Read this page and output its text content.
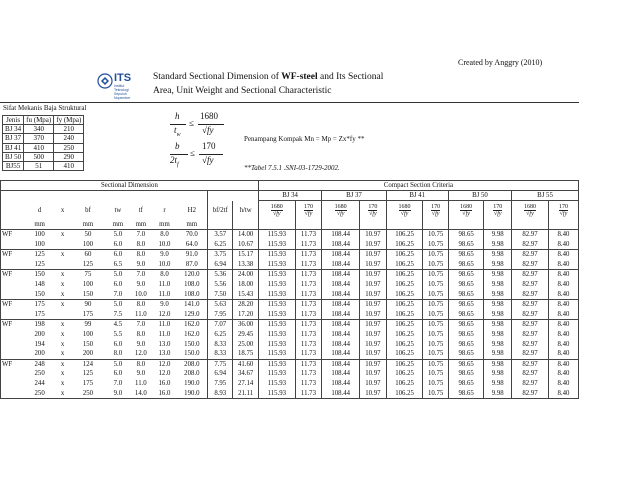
Created by Anggry (2010)
ITS
Institut
Teknologi
Sepuluh Nopember
Standard Sectional Dimension of WF-steel and Its Sectional
Area, Unit Weight and Sectional Characteristic
Sifat Mekanis Baja Struktural
Jenis	fu (Mpa)	fy (Mpa)
BJ 34	340	210
BJ 37	370	240
BJ 41	410	250
BJ 50	500	290
BJ55	51	410
h
$t_w$
≤
1680
√fy
b
$2t_f$
≤
170
√fy
Penampang Kompak Mn = Mp = Zx*fy **
**Tabel 7.5.1 .SNI-03-1729-2002.
Sectional Dimension										Compact Section Criteria									
										BJ 34		BJ 37		BJ 41		BJ 50		BJ 55	
	d	x	bf	tw	tf	r	H2	bf/2tf	h/tw	$\frac{1680}{√fy}$	$\frac{170}{√fy}$	$\frac{1680}{√fy}$	$\frac{170}{√fy}$	$\frac{1680}{√fy}$	$\frac{170}{√fy}$	$\frac{1680}{√fy}$	$\frac{170}{√fy}$	$\frac{1680}{√fy}$	$\frac{170}{√fy}$

	mm		mm	mm	mm	mm	mm												
WF	100	x	50	5.0	7.0	8.0	70.0	3.57	14.00	115.93	11.73	108.44	10.97	106.25	10.75	98.65	9.98	82.97	8.40
	100		100	6.0	8.0	10.0	64.0	6.25	10.67	115.93	11.73	108.44	10.97	106.25	10.75	98.65	9.98	82.97	8.40
WF	125	x	60	6.0	8.0	9.0	91.0	3.75	15.17	115.93	11.73	108.44	10.97	106.25	10.75	98.65	9.98	82.97	8.40
	125		125	6.5	9.0	10.0	87.0	6.94	13.38	115.93	11.73	108.44	10.97	106.25	10.75	98.65	9.98	82.97	8.40
WF	150	x	75	5.0	7.0	8.0	120.0	5.36	24.00	115.93	11.73	108.44	10.97	106.25	10.75	98.65	9.98	82.97	8.40
	148	x	100	6.0	9.0	11.0	108.0	5.56	18.00	115.93	11.73	108.44	10.97	106.25	10.75	98.65	9.98	82.97	8.40
	150	x	150	7.0	10.0	11.0	108.0	7.50	15.43	115.93	11.73	108.44	10.97	106.25	10.75	98.65	9.98	82.97	8.40
WF	175	x	90	5.0	8.0	9.0	141.0	5.63	28.20	115.93	11.73	108.44	10.97	106.25	10.75	98.65	9.98	82.97	8.40
	175		175	7.5	11.0	12.0	129.0	7.95	17.20	115.93	11.73	108.44	10.97	106.25	10.75	98.65	9.98	82.97	8.40
WF	198	x	99	4.5	7.0	11.0	162.0	7.07	36.00	115.93	11.73	108.44	10.97	106.25	10.75	98.65	9.98	82.97	8.40
	200	x	100	5.5	8.0	11.0	162.0	6.25	29.45	115.93	11.73	108.44	10.97	106.25	10.75	98.65	9.98	82.97	8.40
	194	x	150	6.0	9.0	13.0	150.0	8.33	25.00	115.93	11.73	108.44	10.97	106.25	10.75	98.65	9.98	82.97	8.40
	200	x	200	8.0	12.0	13.0	150.0	8.33	18.75	115.93	11.73	108.44	10.97	106.25	10.75	98.65	9.98	82.97	8.40
WF	248	x	124	5.0	8.0	12.0	208.0	7.75	41.60	115.93	11.73	108.44	10.97	106.25	10.75	98.65	9.98	82.97	8.40
	250	x	125	6.0	9.0	12.0	208.0	6.94	34.67	115.93	11.73	108.44	10.97	106.25	10.75	98.65	9.98	82.97	8.40
	244	x	175	7.0	11.0	16.0	190.0	7.95	27.14	115.93	11.73	108.44	10.97	106.25	10.75	98.65	9.98	82.97	8.40
	250	x	250	9.0	14.0	16.0	190.0	8.93	21.11	115.93	11.73	108.44	10.97	106.25	10.75	98.65	9.98	82.97	8.40
